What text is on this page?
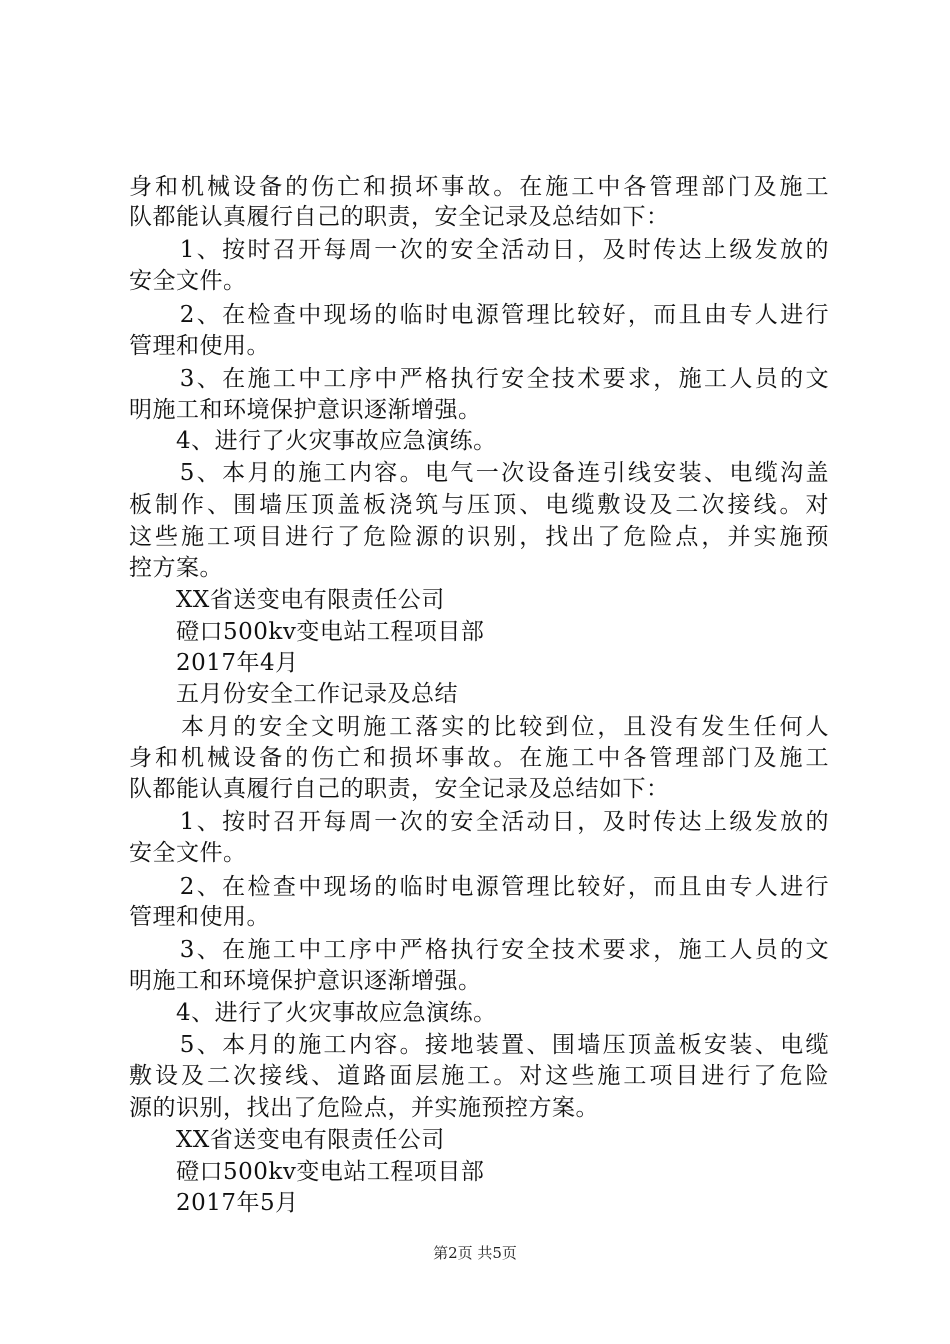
身和机械设备的伤亡和损坏事故。在施工中各管理部门及施工
队都能认真履行自己的职责，安全记录及总结如下：
　　1、按时召开每周一次的安全活动日，及时传达上级发放的
安全文件。
　　2、在检查中现场的临时电源管理比较好，而且由专人进行
管理和使用。
　　3、在施工中工序中严格执行安全技术要求，施工人员的文
明施工和环境保护意识逐渐增强。
　　4、进行了火灾事故应急演练。
　　5、本月的施工内容。电气一次设备连引线安装、电缆沟盖
板制作、围墙压顶盖板浇筑与压顶、电缆敷设及二次接线。对
这些施工项目进行了危险源的识别，找出了危险点，并实施预
控方案。
　　XX省送变电有限责任公司
　　磴口500kv变电站工程项目部
　　2017年4月
　　五月份安全工作记录及总结
　　本月的安全文明施工落实的比较到位，且没有发生任何人
身和机械设备的伤亡和损坏事故。在施工中各管理部门及施工
队都能认真履行自己的职责，安全记录及总结如下：
　　1、按时召开每周一次的安全活动日，及时传达上级发放的
安全文件。
　　2、在检查中现场的临时电源管理比较好，而且由专人进行
管理和使用。
　　3、在施工中工序中严格执行安全技术要求，施工人员的文
明施工和环境保护意识逐渐增强。
　　4、进行了火灾事故应急演练。
　　5、本月的施工内容。接地装置、围墙压顶盖板安装、电缆
敷设及二次接线、道路面层施工。对这些施工项目进行了危险
源的识别，找出了危险点，并实施预控方案。
　　XX省送变电有限责任公司
　　磴口500kv变电站工程项目部
　　2017年5月
第2页 共5页
